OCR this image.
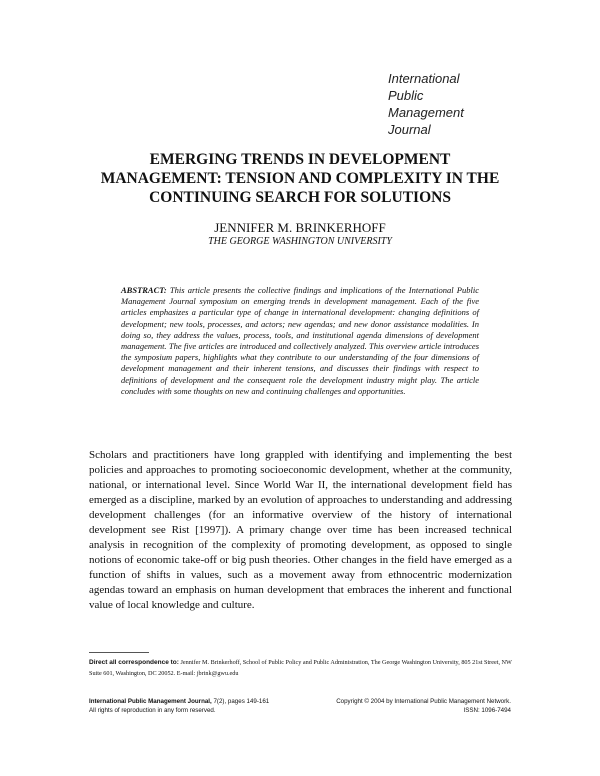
International
Public
Management
Journal
EMERGING TRENDS IN DEVELOPMENT MANAGEMENT: TENSION AND COMPLEXITY IN THE CONTINUING SEARCH FOR SOLUTIONS

JENNIFER M. BRINKERHOFF

THE GEORGE WASHINGTON UNIVERSITY

ABSTRACT: This article presents the collective findings and implications of the International Public Management Journal symposium on emerging trends in development management. Each of the five articles emphasizes a particular type of change in international development: changing definitions of development; new tools, processes, and actors; new agendas; and new donor assistance modalities. In doing so, they address the values, process, tools, and institutional agenda dimensions of development management. The five articles are introduced and collectively analyzed. This overview article introduces the symposium papers, highlights what they contribute to our understanding of the four dimensions of development management and their inherent tensions, and discusses their findings with respect to definitions of development and the consequent role the development industry might play. The article concludes with some thoughts on new and continuing challenges and opportunities.

Scholars and practitioners have long grappled with identifying and implementing the best policies and approaches to promoting socioeconomic development, whether at the community, national, or international level. Since World War II, the international development field has emerged as a discipline, marked by an evolution of approaches to understanding and addressing development challenges (for an informative overview of the history of international development see Rist [1997]). A primary change over time has been increased technical analysis in recognition of the complexity of promoting development, as opposed to single notions of economic take-off or big push theories. Other changes in the field have emerged as a function of shifts in values, such as a movement away from ethnocentric modernization agendas toward an emphasis on human development that embraces the inherent and functional value of local knowledge and culture.

Direct all correspondence to: Jennifer M. Brinkerhoff, School of Public Policy and Public Administration, The George Washington University, 805 21st Street, NW Suite 601, Washington, DC 20052. E-mail: jbrink@gwu.edu

International Public Management Journal, 7(2), pages 149-161
All rights of reproduction in any form reserved.
Copyright © 2004 by International Public Management Network.
ISSN: 1096-7494
